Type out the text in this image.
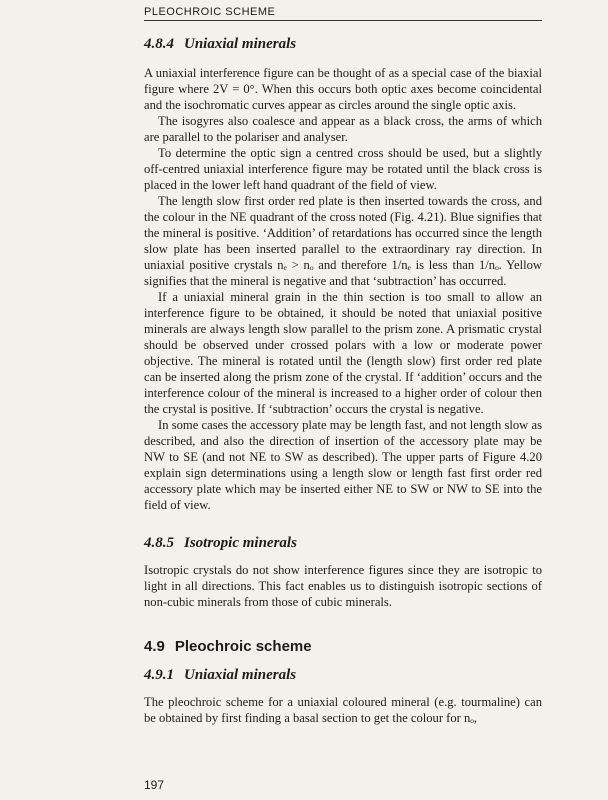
PLEOCHROIC SCHEME
4.8.4 Uniaxial minerals

A uniaxial interference figure can be thought of as a special case of the biaxial figure where 2V = 0°. When this occurs both optic axes become coincidental and the isochromatic curves appear as circles around the single optic axis.

The isogyres also coalesce and appear as a black cross, the arms of which are parallel to the polariser and analyser.

To determine the optic sign a centred cross should be used, but a slightly off-centred uniaxial interference figure may be rotated until the black cross is placed in the lower left hand quadrant of the field of view.

The length slow first order red plate is then inserted towards the cross, and the colour in the NE quadrant of the cross noted (Fig. 4.21). Blue signifies that the mineral is positive. ‘Addition’ of retardations has occurred since the length slow plate has been inserted parallel to the extraordinary ray direction. In uniaxial positive crystals nₑ > nₒ and therefore 1/nₑ is less than 1/nₒ. Yellow signifies that the mineral is negative and that ‘subtraction’ has occurred.

If a uniaxial mineral grain in the thin section is too small to allow an interference figure to be obtained, it should be noted that uniaxial positive minerals are always length slow parallel to the prism zone. A prismatic crystal should be observed under crossed polars with a low or moderate power objective. The mineral is rotated until the (length slow) first order red plate can be inserted along the prism zone of the crystal. If ‘addition’ occurs and the interference colour of the mineral is increased to a higher order of colour then the crystal is positive. If ‘subtraction’ occurs the crystal is negative.

In some cases the accessory plate may be length fast, and not length slow as described, and also the direction of insertion of the accessory plate may be NW to SE (and not NE to SW as described). The upper parts of Figure 4.20 explain sign determinations using a length slow or length fast first order red accessory plate which may be inserted either NE to SW or NW to SE into the field of view.

4.8.5 Isotropic minerals

Isotropic crystals do not show interference figures since they are isotropic to light in all directions. This fact enables us to distinguish isotropic sections of non-cubic minerals from those of cubic minerals.

4.9 Pleochroic scheme
4.9.1 Uniaxial minerals

The pleochroic scheme for a uniaxial coloured mineral (e.g. tourmaline) can be obtained by first finding a basal section to get the colour for nₒ,

197
